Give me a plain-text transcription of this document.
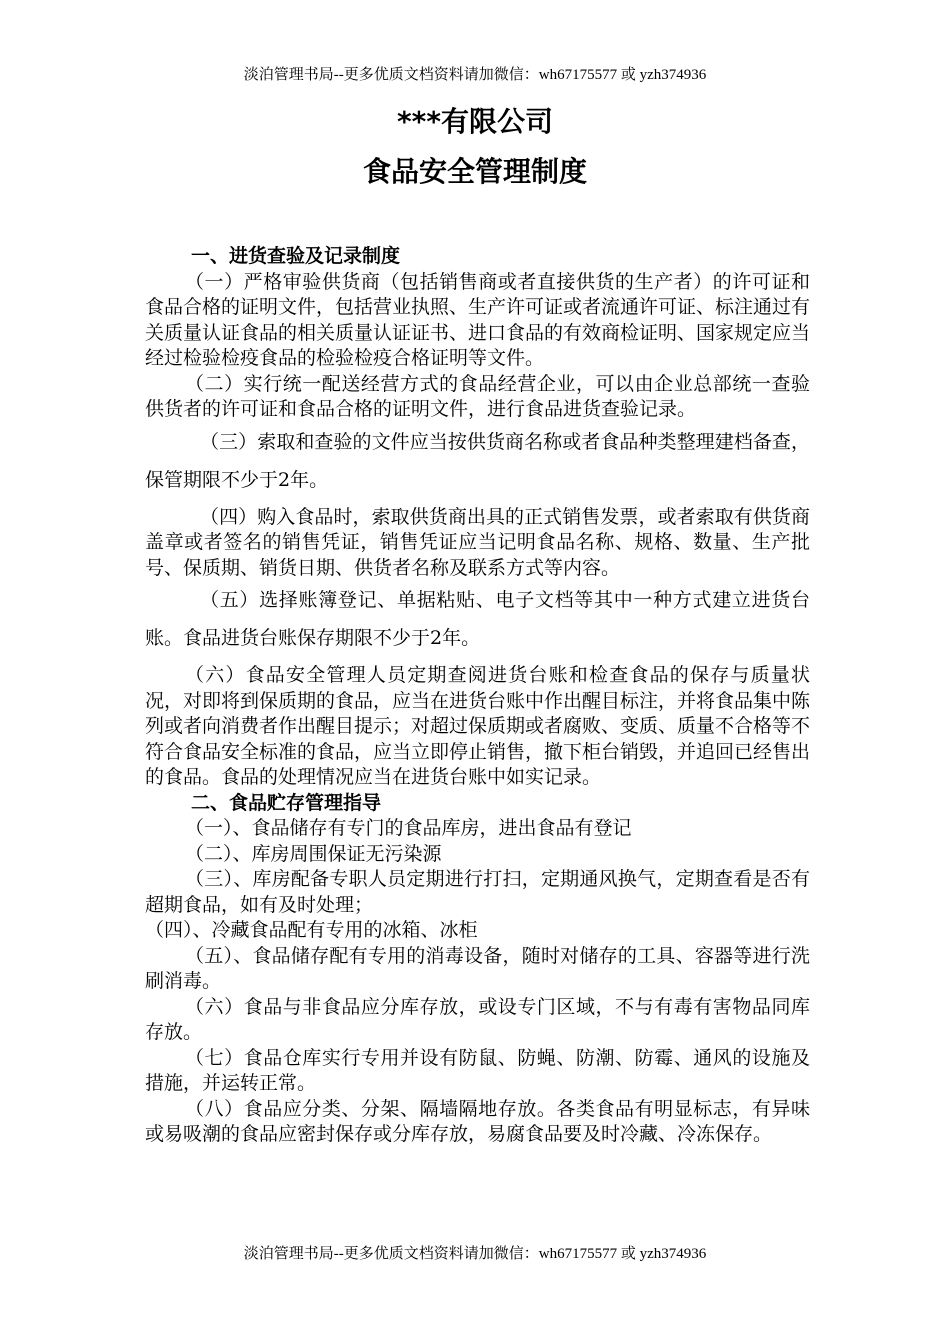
淡泊管理书局--更多优质文档资料请加微信：wh67175577 或 yzh374936
***有限公司
食品安全管理制度

一、进货查验及记录制度

（一）严格审验供货商（包括销售商或者直接供货的生产者）的许可证和食品合格的证明文件，包括营业执照、生产许可证或者流通许可证、标注通过有关质量认证食品的相关质量认证证书、进口食品的有效商检证明、国家规定应当经过检验检疫食品的检验检疫合格证明等文件。

（二）实行统一配送经营方式的食品经营企业，可以由企业总部统一查验供货者的许可证和食品合格的证明文件，进行食品进货查验记录。

（三）索取和查验的文件应当按供货商名称或者食品种类整理建档备查，保管期限不少于2年。

（四）购入食品时，索取供货商出具的正式销售发票，或者索取有供货商盖章或者签名的销售凭证，销售凭证应当记明食品名称、规格、数量、生产批号、保质期、销货日期、供货者名称及联系方式等内容。

（五）选择账簿登记、单据粘贴、电子文档等其中一种方式建立进货台账。食品进货台账保存期限不少于2年。

（六）食品安全管理人员定期查阅进货台账和检查食品的保存与质量状况，对即将到保质期的食品，应当在进货台账中作出醒目标注，并将食品集中陈列或者向消费者作出醒目提示；对超过保质期或者腐败、变质、质量不合格等不符合食品安全标准的食品，应当立即停止销售，撤下柜台销毁，并追回已经售出的食品。食品的处理情况应当在进货台账中如实记录。

二、食品贮存管理指导

（一）、食品储存有专门的食品库房，进出食品有登记

（二）、库房周围保证无污染源

（三）、库房配备专职人员定期进行打扫，定期通风换气，定期查看是否有超期食品，如有及时处理；

（四）、冷藏食品配有专用的冰箱、冰柜

（五）、食品储存配有专用的消毒设备，随时对储存的工具、容器等进行洗刷消毒。

（六）食品与非食品应分库存放，或设专门区域，不与有毒有害物品同库存放。

（七）食品仓库实行专用并设有防鼠、防蝇、防潮、防霉、通风的设施及措施，并运转正常。

（八）食品应分类、分架、隔墙隔地存放。各类食品有明显标志，有异味或易吸潮的食品应密封保存或分库存放，易腐食品要及时冷藏、冷冻保存。

淡泊管理书局--更多优质文档资料请加微信：wh67175577 或 yzh374936
